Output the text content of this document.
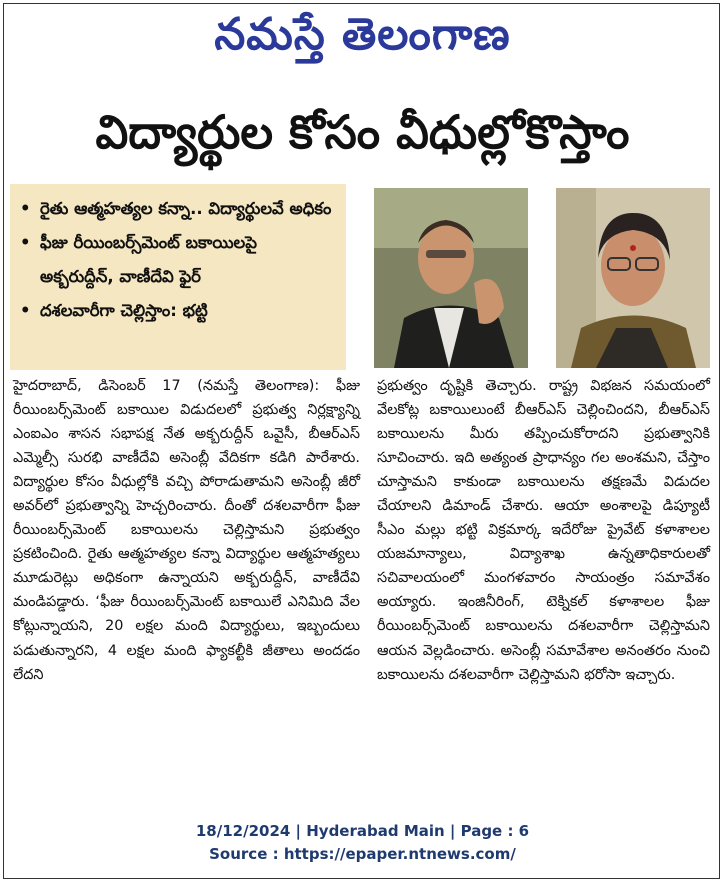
నమస్తే తెలంగాణ
విద్యార్థుల కోసం వీధుల్లోకొస్తాం
• రైతు ఆత్మహత్యల కన్నా.. విద్యార్థులవే అధికం
• ఫీజు రీయింబర్స్‌మెంట్ బకాయిలపై అక్బరుద్దీన్, వాణీదేవి ఫైర్
• దశలవారీగా చెల్లిస్తాం: భట్టి

హైదరాబాద్, డిసెంబర్ 17 (నమస్తే తెలంగాణ): ఫీజు రీయింబర్స్‌మెంట్ బకాయిల విడుదలలో ప్రభుత్వ నిర్లక్ష్యాన్ని ఎంఐఎం శాసన సభాపక్ష నేత అక్బరుద్దీన్ ఒవైసీ, బీఆర్ఎస్ ఎమ్మెల్సీ సురభి వాణీదేవి అసెంబ్లీ వేదికగా కడిగి పారేశారు. విద్యార్థుల కోసం వీధుల్లోకి వచ్చి పోరాడుతామని అసెంబ్లీ జీరో అవర్‌లో ప్రభుత్వాన్ని హెచ్చరించారు. దీంతో దశలవారీగా ఫీజు రీయింబర్స్‌మెంట్ బకాయిలను చెల్లిస్తామని ప్రభుత్వం ప్రకటించింది. రైతు ఆత్మహత్యల కన్నా విద్యార్థుల ఆత్మహత్యలు మూడురెట్లు అధికంగా ఉన్నాయని అక్బరుద్దీన్, వాణీదేవి మండిపడ్డారు. ‘ఫీజు రీయింబర్స్‌మెంట్ బకాయిలే ఎనిమిది వేల కోట్లున్నాయని, 20 లక్షల మంది విద్యార్థులు, ఇబ్బందులు పడుతున్నారని, 4 లక్షల మంది ఫ్యాకల్టీకి జీతాలు అందడం లేదని

ప్రభుత్వం దృష్టికి తెచ్చారు. రాష్ట్ర విభజన సమయంలో వేలకోట్ల బకాయిలుంటే బీఆర్ఎస్ చెల్లించిందని, బీఆర్ఎస్ బకాయిలను మీరు తప్పించుకోరాదని ప్రభుత్వానికి సూచించారు. ఇది అత్యంత ప్రాధాన్యం గల అంశమని, చేస్తాం చూస్తామని కాకుండా బకాయిలను తక్షణమే విడుదల చేయాలని డిమాండ్ చేశారు. ఆయా అంశాలపై డిప్యూటీ సీఎం మల్లు భట్టి విక్రమార్క ఇదేరోజు ప్రైవేట్ కళాశాలల యజమాన్యాలు, విద్యాశాఖ ఉన్నతాధికారులతో సచివాలయంలో మంగళవారం సాయంత్రం సమావేశం అయ్యారు. ఇంజినీరింగ్, టెక్నికల్ కళాశాలల ఫీజు రీయింబర్స్‌మెంట్ బకాయిలను దశలవారీగా చెల్లిస్తామని ఆయన వెల్లడించారు. అసెంబ్లీ సమావేశాల అనంతరం నుంచి బకాయిలను దశలవారీగా చెల్లిస్తామని భరోసా ఇచ్చారు.

18/12/2024 | Hyderabad Main | Page : 6
Source : https://epaper.ntnews.com/
